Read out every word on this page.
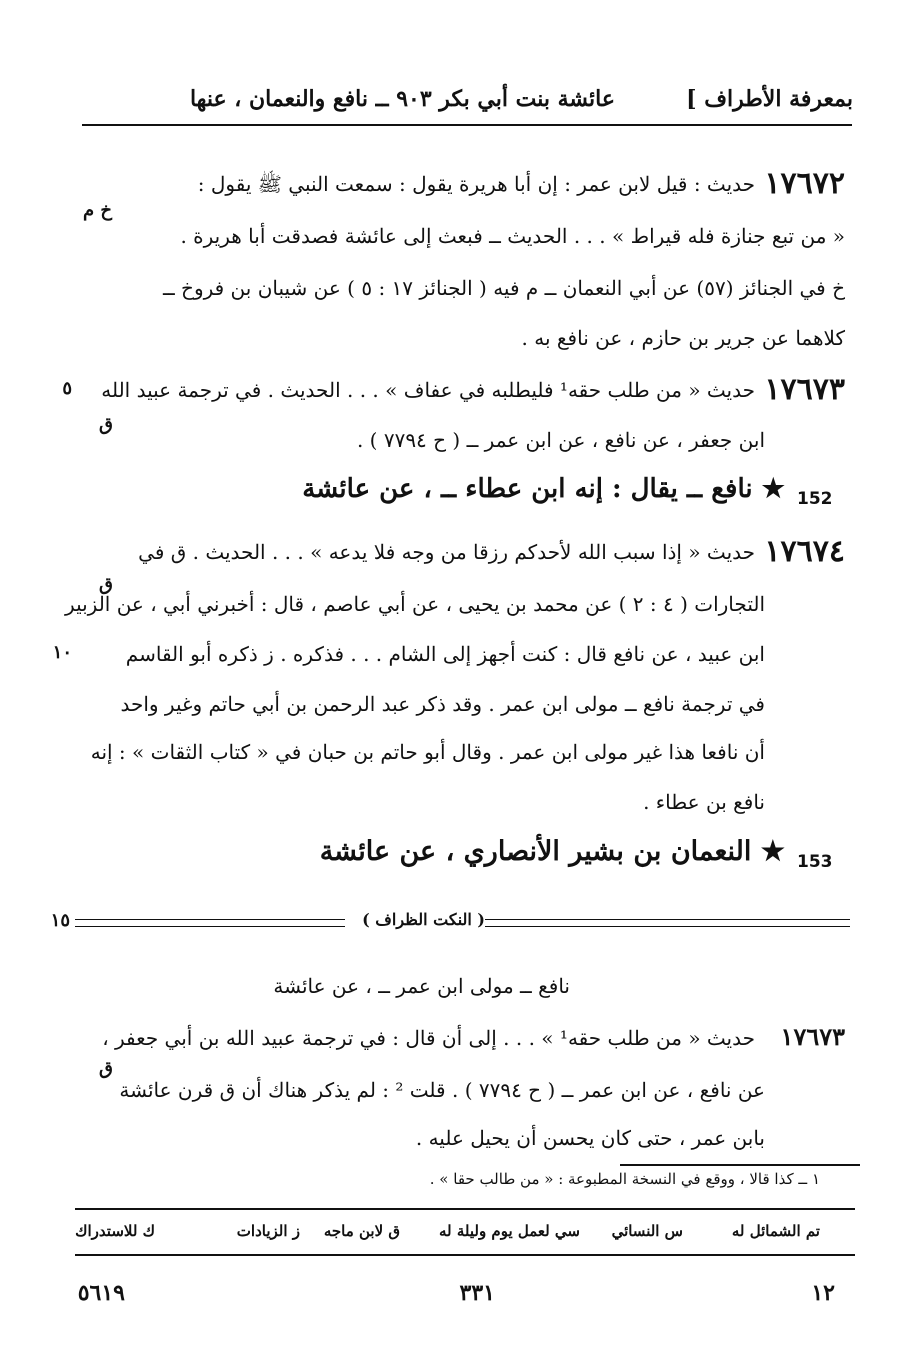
بمعرفة الأطراف ]
عائشة بنت أبي بكر ٩٠٣ ــ نافع والنعمان ، عنها
١٧٦٧٢
حديث : قيل لابن عمر : إن أبا هريرة يقول : سمعت النبي ﷺ يقول :
خ م
« من تبع جنازة فله قيراط » . . . الحديث ــ فبعث إلى عائشة فصدقت أبا هريرة .
خ في الجنائز (٥٧) عن أبي النعمان ــ م فيه ( الجنائز ١٧ : ٥ ) عن شيبان بن فروخ ــ
كلاهما عن جرير بن حازم ، عن نافع به .
١٧٦٧٣
حديث « من طلب حقه¹ فليطلبه في عفاف » . . . الحديث . في ترجمة عبيد الله
٥
ق
ابن جعفر ، عن نافع ، عن ابن عمر ــ ( ح ٧٧٩٤ ) .
152
★ نافع ــ يقال : إنه ابن عطاء ــ ، عن عائشة
١٧٦٧٤
حديث « إذا سبب الله لأحدكم رزقا من وجه فلا يدعه » . . . الحديث . ق في
ق
التجارات ( ٤ : ٢ ) عن محمد بن يحيى ، عن أبي عاصم ، قال : أخبرني أبي ، عن الزبير
١٠	ابن عبيد ، عن نافع قال : كنت أجهز إلى الشام . . . فذكره . ز ذكره أبو القاسم
في ترجمة نافع ــ مولى ابن عمر . وقد ذكر عبد الرحمن بن أبي حاتم وغير واحد
أن نافعا هذا غير مولى ابن عمر . وقال أبو حاتم بن حبان في « كتاب الثقات » : إنه
نافع بن عطاء .
153
★ النعمان بن بشير الأنصاري ، عن عائشة
( النكت الظراف )
١٥
نافع ــ مولى ابن عمر ــ ، عن عائشة
١٧٦٧٣
حديث « من طلب حقه¹ » . . . إلى أن قال : في ترجمة عبيد الله بن أبي جعفر ،
ق
عن نافع ، عن ابن عمر ــ ( ح ٧٧٩٤ ) . قلت ² : لم يذكر هناك أن ق قرن عائشة
بابن عمر ، حتى كان يحسن أن يحيل عليه .
١ ــ كذا قالا ، ووقع في النسخة المطبوعة : « من طالب حقا » .
تم الشمائل له
س النسائي
سي لعمل يوم وليلة له
ق لابن ماجه
ز الزيادات
ك للاستدراك
١٢
٣٣١
٥٦١٩
